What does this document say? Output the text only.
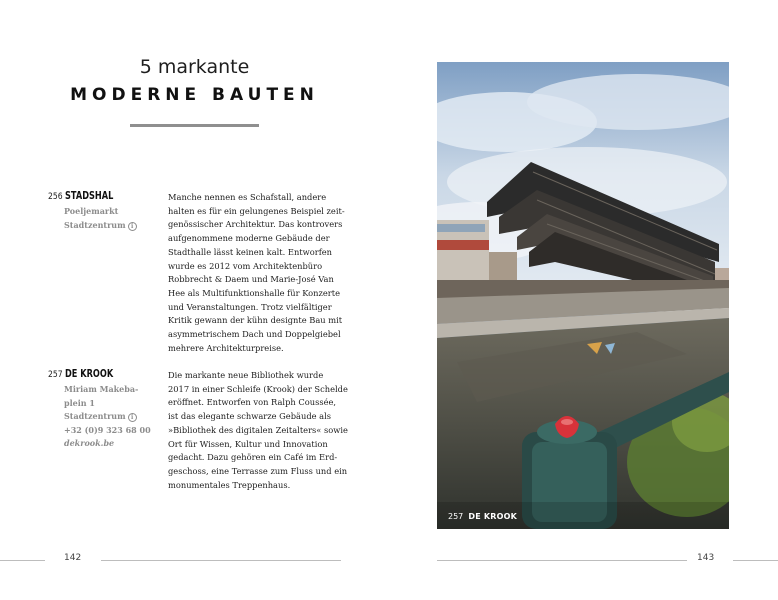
5 markante
MODERNE BAUTEN
256 STADSHAL
Poeljemarkt
Stadtzentrum i
Manche nennen es Schafstall, andere
halten es für ein gelungenes Beispiel zeit-
genössischer Architektur. Das kontrovers
aufgenommene moderne Gebäude der
Stadthalle lässt keinen kalt. Entworfen
wurde es 2012 vom Architektenbüro
Robbrecht & Daem und Marie-José Van
Hee als Multifunktionshalle für Konzerte
und Veranstaltungen. Trotz vielfältiger
Kritik gewann der kühn designte Bau mit
asymmetrischem Dach und Doppelgiebel
mehrere Architekturpreise.
257 DE KROOK
Miriam Makeba-
plein 1
Stadtzentrum i
+32 (0)9 323 68 00
dekrook.be
Die markante neue Bibliothek wurde
2017 in einer Schleife (Krook) der Schelde
eröffnet. Entworfen von Ralph Coussée,
ist das elegante schwarze Gebäude als
»Bibliothek des digitalen Zeitalters« sowie
Ort für Wissen, Kultur und Innovation
gedacht. Dazu gehören ein Café im Erd-
geschoss, eine Terrasse zum Fluss und ein
monumentales Treppenhaus.
142
257 DE KROOK
143
